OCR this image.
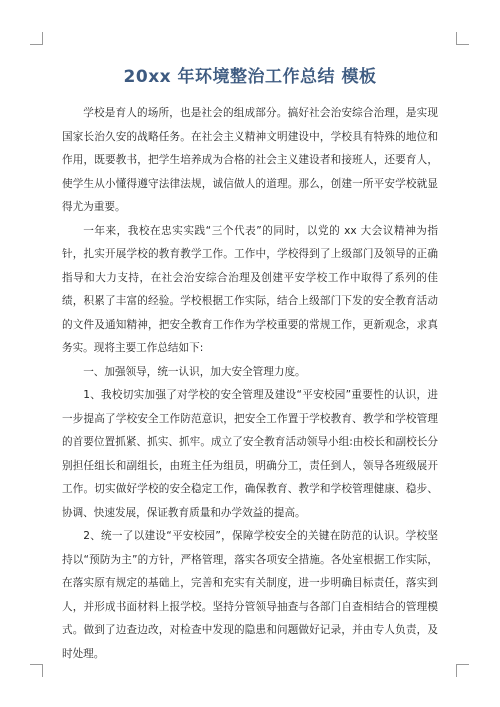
20xx 年环境整治工作总结 模板

学校是育人的场所，也是社会的组成部分。搞好社会治安综合治理，是实现国家长治久安的战略任务。在社会主义精神文明建设中，学校具有特殊的地位和作用，既要教书，把学生培养成为合格的社会主义建设者和接班人，还要育人，使学生从小懂得遵守法律法规，诚信做人的道理。那么，创建一所平安学校就显得尤为重要。

一年来，我校在忠实实践“三个代表”的同时，以党的 xx 大会议精神为指针，扎实开展学校的教育教学工作。工作中，学校得到了上级部门及领导的正确指导和大力支持，在社会治安综合治理及创建平安学校工作中取得了系列的佳绩，积累了丰富的经验。学校根据工作实际，结合上级部门下发的安全教育活动的文件及通知精神，把安全教育工作作为学校重要的常规工作，更新观念，求真务实。现将主要工作总结如下:

一、加强领导，统一认识，加大安全管理力度。

1、我校切实加强了对学校的安全管理及建设“平安校园”重要性的认识，进一步提高了学校安全工作防范意识，把安全工作置于学校教育、教学和学校管理的首要位置抓紧、抓实、抓牢。成立了安全教育活动领导小组:由校长和副校长分别担任组长和副组长，由班主任为组员，明确分工，责任到人，领导各班级展开工作。切实做好学校的安全稳定工作，确保教育、教学和学校管理健康、稳步、协调、快速发展，保证教育质量和办学效益的提高。

2、统一了以建设“平安校园”，保障学校安全的关键在防范的认识。学校坚持以“预防为主”的方针，严格管理，落实各项安全措施。各处室根据工作实际，在落实原有规定的基础上，完善和充实有关制度，进一步明确目标责任，落实到人，并形成书面材料上报学校。坚持分管领导抽查与各部门自查相结合的管理模式。做到了边查边改，对检查中发现的隐患和问题做好记录，并由专人负责，及时处理。
